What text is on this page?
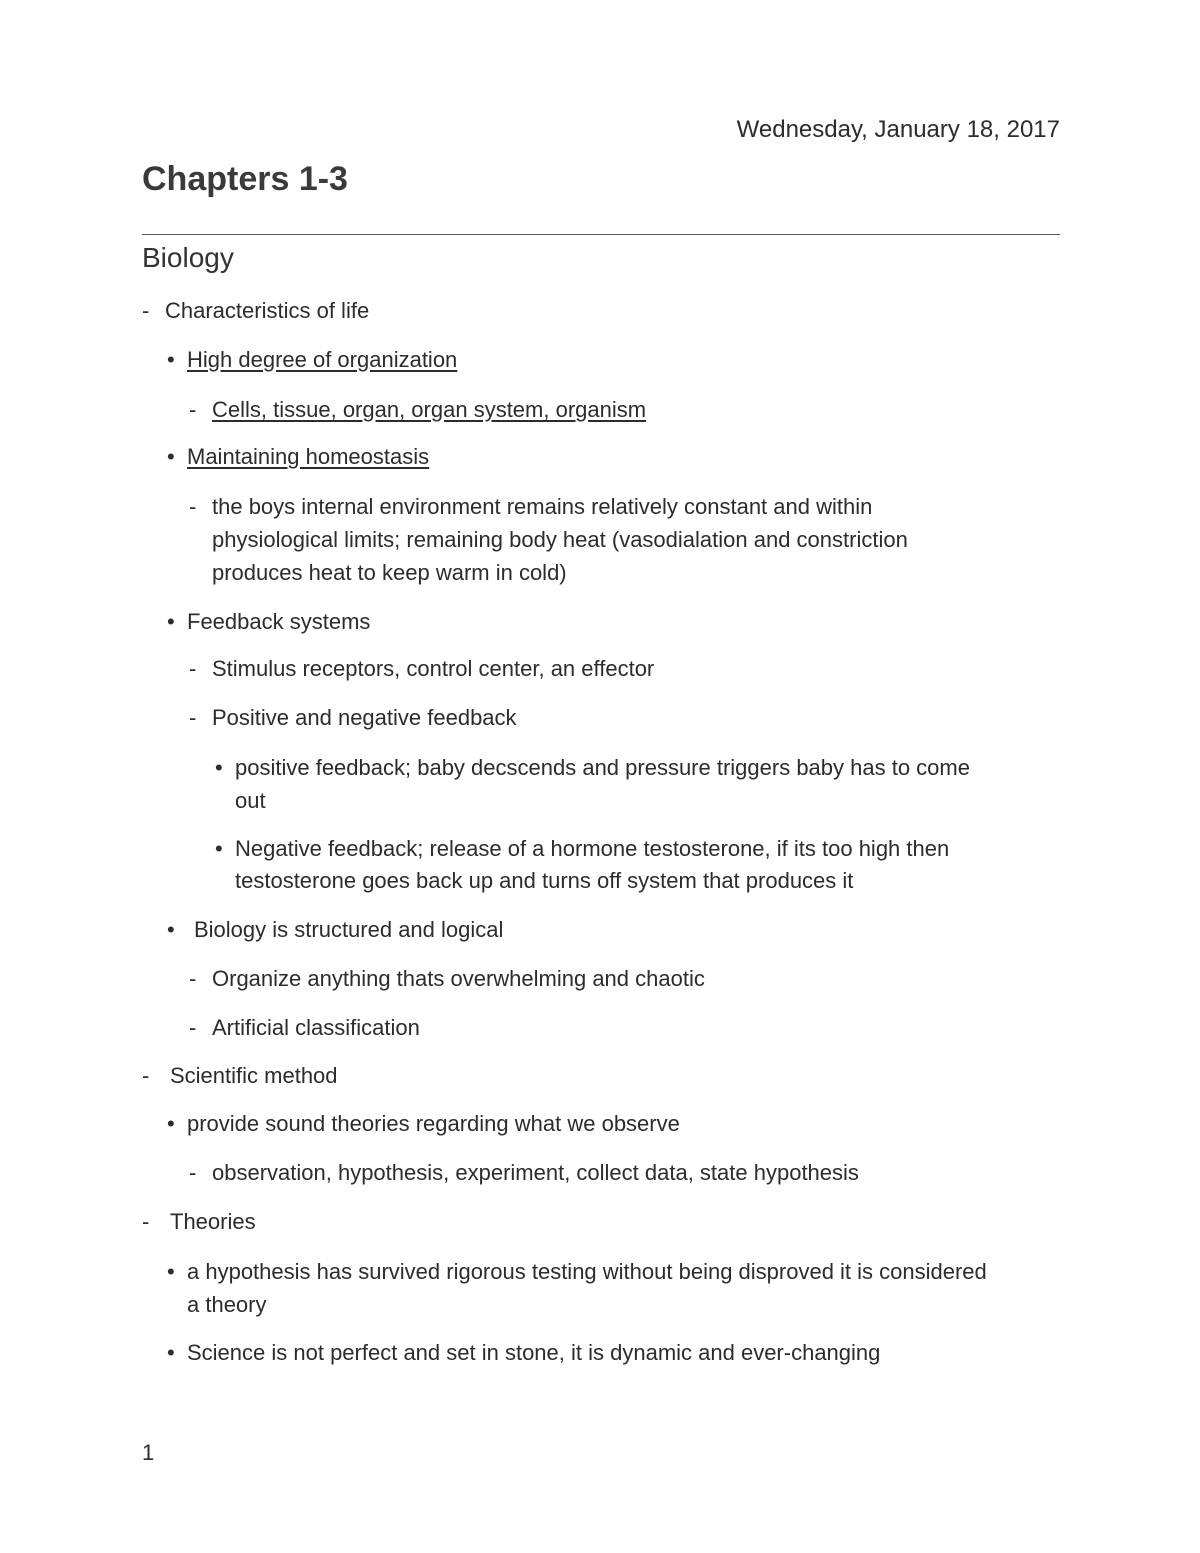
Wednesday, January 18, 2017
Chapters 1-3
Biology
- Characteristics of life
• High degree of organization
- Cells, tissue, organ, organ system, organism
• Maintaining homeostasis
- the boys internal environment remains relatively constant and within
physiological limits; remaining body heat (vasodialation and constriction
produces heat to keep warm in cold)
• Feedback systems
- Stimulus receptors, control center, an effector
- Positive and negative feedback
• positive feedback; baby decscends and pressure triggers baby has to come
out
• Negative feedback; release of a hormone testosterone, if its too high then
testosterone goes back up and turns off system that produces it
• Biology is structured and logical
- Organize anything thats overwhelming and chaotic
- Artificial classification
- Scientific method
• provide sound theories regarding what we observe
- observation, hypothesis, experiment, collect data, state hypothesis
- Theories
• a hypothesis has survived rigorous testing without being disproved it is considered
a theory
• Science is not perfect and set in stone, it is dynamic and ever-changing
1
